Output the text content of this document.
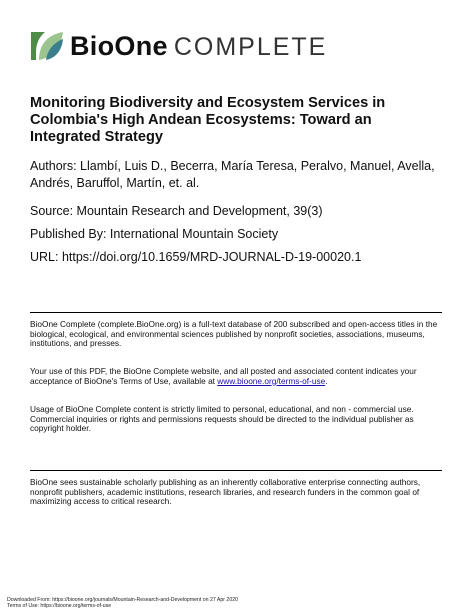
BioOne COMPLETE
Monitoring Biodiversity and Ecosystem Services in Colombia's High Andean Ecosystems: Toward an Integrated Strategy

Authors: Llambí, Luis D., Becerra, María Teresa, Peralvo, Manuel, Avella, Andrés, Baruffol, Martín, et. al.

Source: Mountain Research and Development, 39(3)

Published By: International Mountain Society

URL: https://doi.org/10.1659/MRD-JOURNAL-D-19-00020.1

BioOne Complete (complete.BioOne.org) is a full-text database of 200 subscribed and open-access titles in the biological, ecological, and environmental sciences published by nonprofit societies, associations, museums, institutions, and presses.

Your use of this PDF, the BioOne Complete website, and all posted and associated content indicates your acceptance of BioOne's Terms of Use, available at www.bioone.org/terms-of-use.

Usage of BioOne Complete content is strictly limited to personal, educational, and non - commercial use. Commercial inquiries or rights and permissions requests should be directed to the individual publisher as copyright holder.

BioOne sees sustainable scholarly publishing as an inherently collaborative enterprise connecting authors, nonprofit publishers, academic institutions, research libraries, and research funders in the common goal of maximizing access to critical research.

Downloaded From: https://bioone.org/journals/Mountain-Research-and-Development on 27 Apr 2020

Terms of Use: https://bioone.org/terms-of-use
